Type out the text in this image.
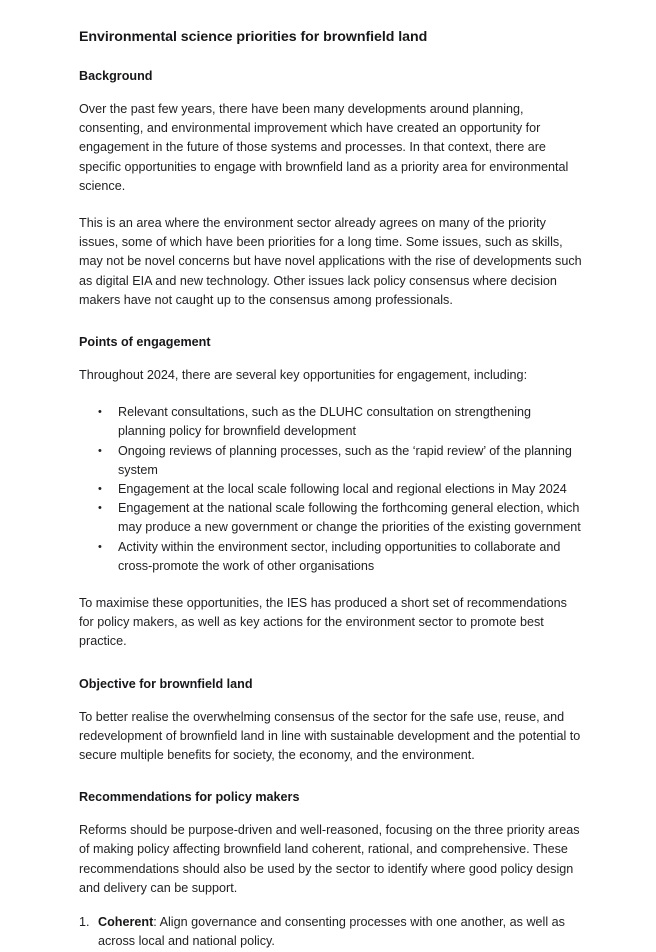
Environmental science priorities for brownfield land
Background

Over the past few years, there have been many developments around planning, consenting, and environmental improvement which have created an opportunity for engagement in the future of those systems and processes. In that context, there are specific opportunities to engage with brownfield land as a priority area for environmental science.

This is an area where the environment sector already agrees on many of the priority issues, some of which have been priorities for a long time. Some issues, such as skills, may not be novel concerns but have novel applications with the rise of developments such as digital EIA and new technology. Other issues lack policy consensus where decision makers have not caught up to the consensus among professionals.

Points of engagement

Throughout 2024, there are several key opportunities for engagement, including:

•	Relevant consultations, such as the DLUHC consultation on strengthening planning policy for brownfield development
•	Ongoing reviews of planning processes, such as the ‘rapid review’ of the planning system
•	Engagement at the local scale following local and regional elections in May 2024
•	Engagement at the national scale following the forthcoming general election, which may produce a new government or change the priorities of the existing government
•	Activity within the environment sector, including opportunities to collaborate and cross-promote the work of other organisations

To maximise these opportunities, the IES has produced a short set of recommendations for policy makers, as well as key actions for the environment sector to promote best practice.

Objective for brownfield land

To better realise the overwhelming consensus of the sector for the safe use, reuse, and redevelopment of brownfield land in line with sustainable development and the potential to secure multiple benefits for society, the economy, and the environment.

Recommendations for policy makers

Reforms should be purpose-driven and well-reasoned, focusing on the three priority areas of making policy affecting brownfield land coherent, rational, and comprehensive. These recommendations should also be used by the sector to identify where good policy design and delivery can be support.

1. Coherent: Align governance and consenting processes with one another, as well as across local and national policy.
